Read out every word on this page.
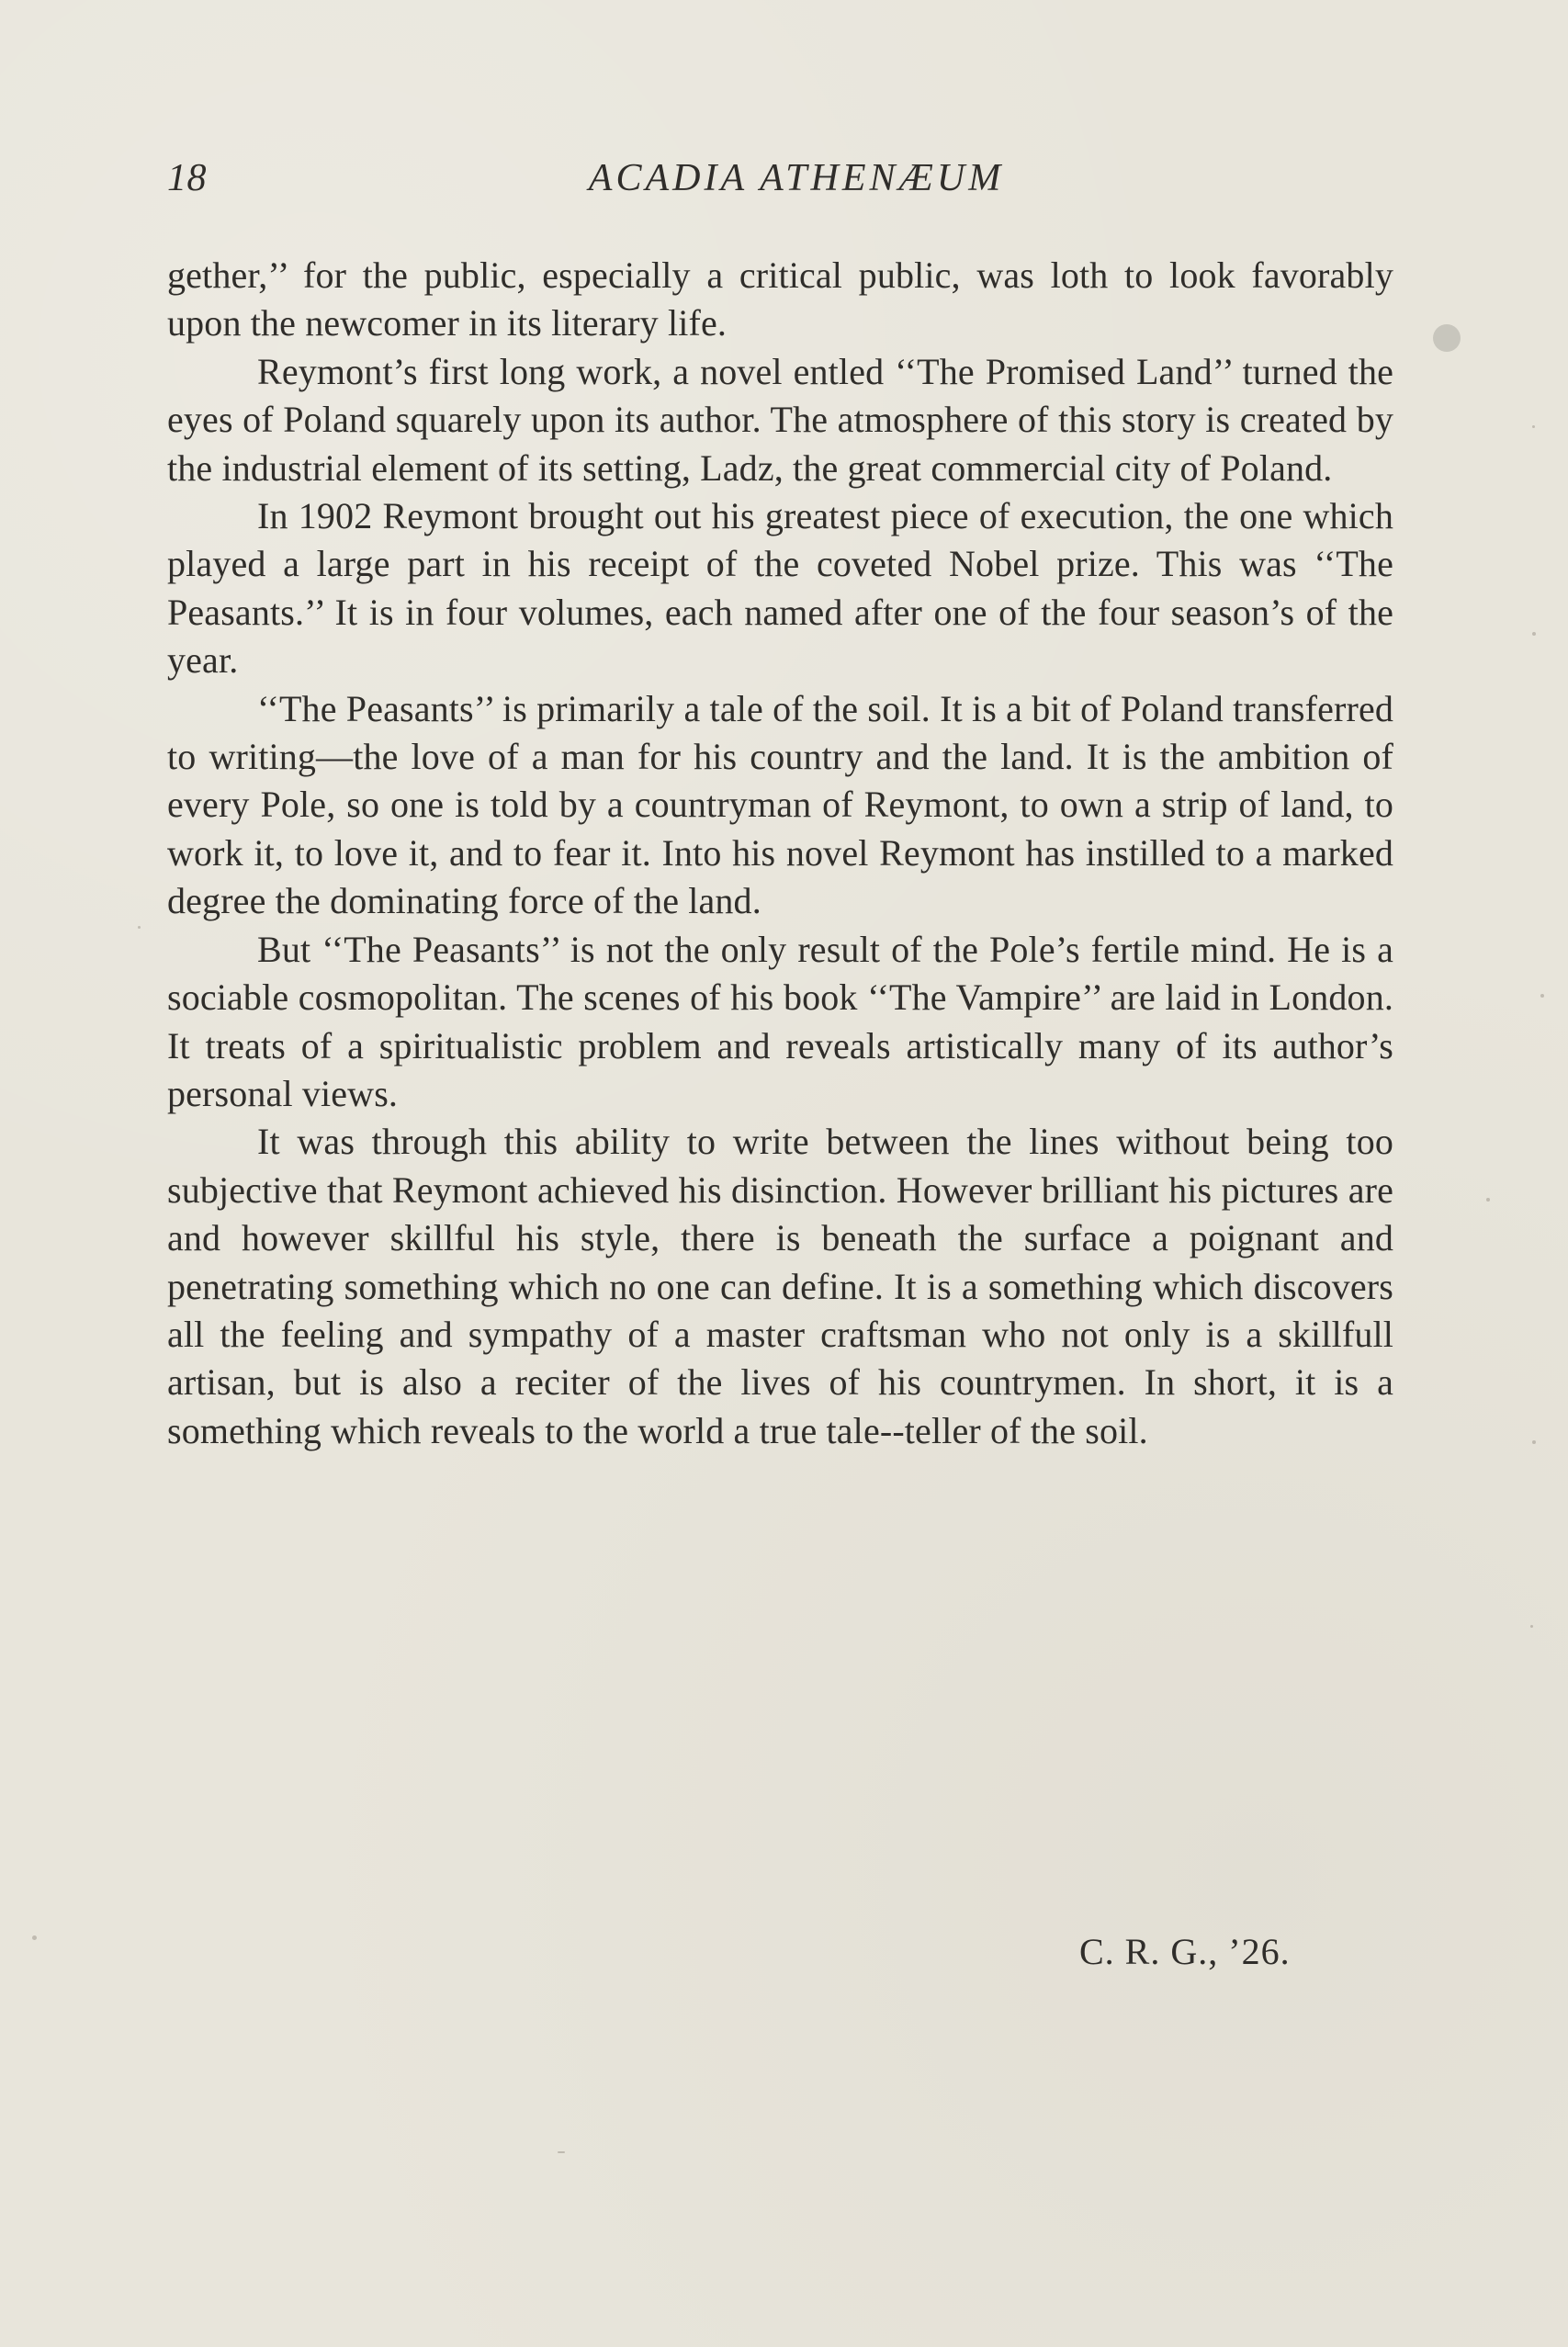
18	ACADIA ATHENÆUM

gether,’’ for the public, especially a critical public, was loth to look favorably upon the newcomer in its literary life.

Reymont’s first long work, a novel entled ‘‘The Promised Land’’ turned the eyes of Poland squarely upon its author. The atmosphere of this story is created by the industrial element of its setting, Ladz, the great commercial city of Poland.

In 1902 Reymont brought out his greatest piece of execution, the one which played a large part in his receipt of the coveted Nobel prize. This was ‘‘The Peasants.’’ It is in four volumes, each named after one of the four season’s of the year.

‘‘The Peasants’’ is primarily a tale of the soil. It is a bit of Poland transferred to writing—the love of a man for his country and the land. It is the ambition of every Pole, so one is told by a countryman of Reymont, to own a strip of land, to work it, to love it, and to fear it. Into his novel Reymont has instilled to a marked degree the dominating force of the land.

But ‘‘The Peasants’’ is not the only result of the Pole’s fertile mind. He is a sociable cosmopolitan. The scenes of his book ‘‘The Vampire’’ are laid in London. It treats of a spiritualistic problem and reveals artistically many of its author’s personal views.

It was through this ability to write between the lines without being too subjective that Reymont achieved his disinction. However brilliant his pictures are and however skillful his style, there is beneath the surface a poignant and penetrating something which no one can define. It is a something which discovers all the feeling and sympathy of a master craftsman who not only is a skillfull artisan, but is also a reciter of the lives of his countrymen. In short, it is a something which reveals to the world a true tale--teller of the soil.

C. R. G., ’26.
